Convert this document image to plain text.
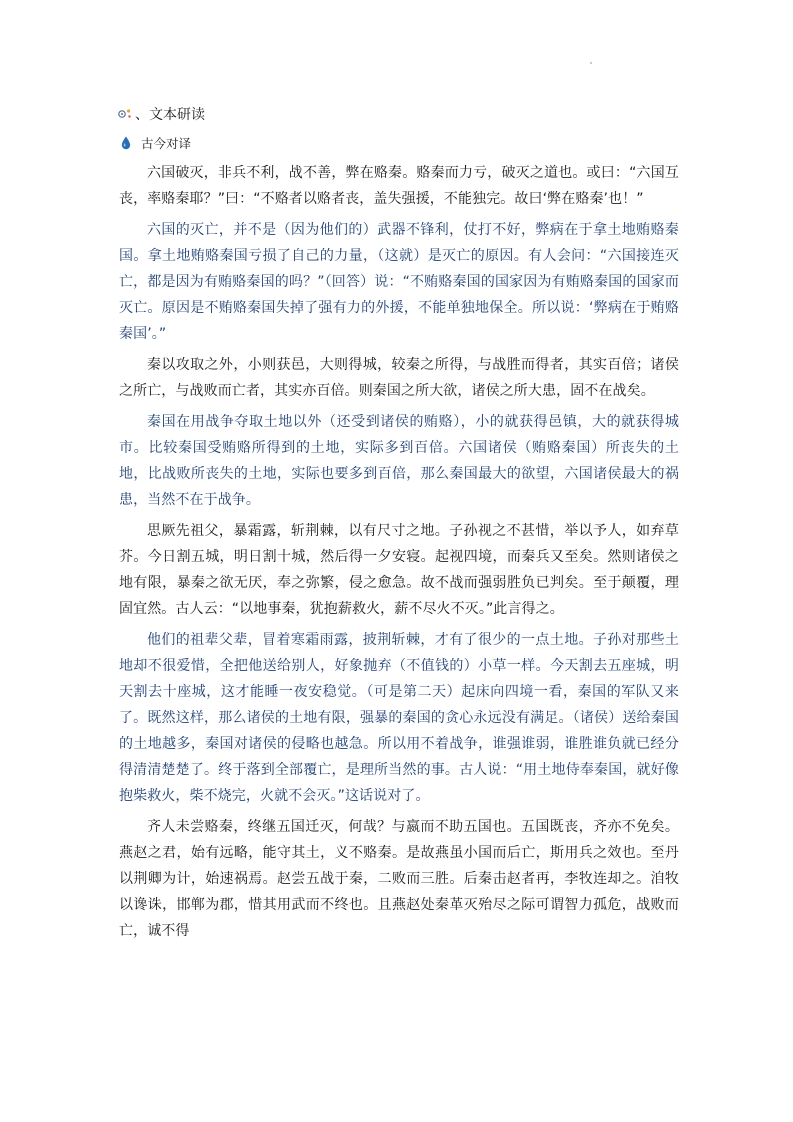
、文本研读
古今对译

六国破灭，非兵不利，战不善，弊在赂秦。赂秦而力亏，破灭之道也。或曰：“六国互丧，率赂秦耶？”曰：“不赂者以赂者丧，盖失强援，不能独完。故曰‘弊在赂秦’也！”

六国的灭亡，并不是（因为他们的）武器不锋利，仗打不好，弊病在于拿土地贿赂秦国。拿土地贿赂秦国亏损了自己的力量，（这就）是灭亡的原因。有人会问：“六国接连灭亡，都是因为有贿赂秦国的吗？”（回答）说：“不贿赂秦国的国家因为有贿赂秦国的国家而灭亡。原因是不贿赂秦国失掉了强有力的外援，不能单独地保全。所以说：‘弊病在于贿赂秦国’。”

秦以攻取之外，小则获邑，大则得城，较秦之所得，与战胜而得者，其实百倍；诸侯之所亡，与战败而亡者，其实亦百倍。则秦国之所大欲，诸侯之所大患，固不在战矣。

秦国在用战争夺取土地以外（还受到诸侯的贿赂），小的就获得邑镇，大的就获得城市。比较秦国受贿赂所得到的土地，实际多到百倍。六国诸侯（贿赂秦国）所丧失的土地，比战败所丧失的土地，实际也要多到百倍，那么秦国最大的欲望，六国诸侯最大的祸患，当然不在于战争。

思厥先祖父，暴霜露，斩荆棘，以有尺寸之地。子孙视之不甚惜，举以予人，如弃草芥。今日割五城，明日割十城，然后得一夕安寝。起视四境，而秦兵又至矣。然则诸侯之地有限，暴秦之欲无厌，奉之弥繁，侵之愈急。故不战而强弱胜负已判矣。至于颠覆，理固宜然。古人云：“以地事秦，犹抱薪救火，薪不尽火不灭。”此言得之。

他们的祖辈父辈，冒着寒霜雨露，披荆斩棘，才有了很少的一点土地。子孙对那些土地却不很爱惜，全把他送给别人，好象抛弃（不值钱的）小草一样。今天割去五座城，明天割去十座城，这才能睡一夜安稳觉。（可是第二天）起床向四境一看，秦国的军队又来了。既然这样，那么诸侯的土地有限，强暴的秦国的贪心永远没有满足。（诸侯）送给秦国的土地越多，秦国对诸侯的侵略也越急。所以用不着战争，谁强谁弱，谁胜谁负就已经分得清清楚楚了。终于落到全部覆亡，是理所当然的事。古人说：“用土地侍奉秦国，就好像抱柴救火，柴不烧完，火就不会灭。”这话说对了。

齐人未尝赂秦，终继五国迁灭，何哉？与嬴而不助五国也。五国既丧，齐亦不免矣。燕赵之君，始有远略，能守其土，义不赂秦。是故燕虽小国而后亡，斯用兵之效也。至丹以荆卿为计，始速祸焉。赵尝五战于秦，二败而三胜。后秦击赵者再，李牧连却之。洎牧以谗诛，邯郸为郡，惜其用武而不终也。且燕赵处秦革灭殆尽之际可谓智力孤危，战败而亡，诚不得
